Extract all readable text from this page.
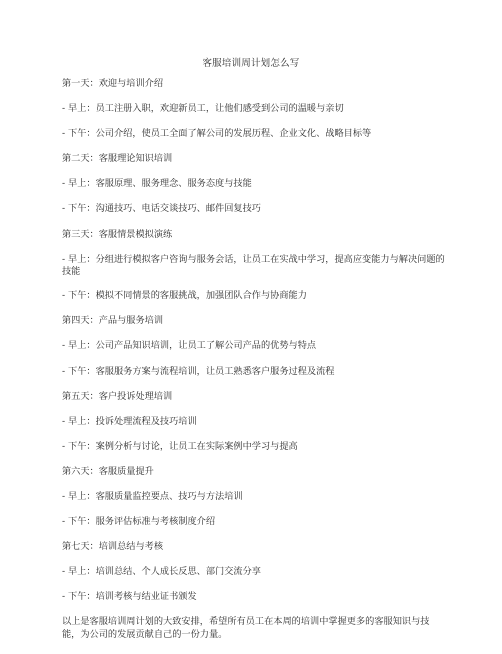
客服培训周计划怎么写
第一天：欢迎与培训介绍
- 早上：员工注册入职，欢迎新员工，让他们感受到公司的温暖与亲切
- 下午：公司介绍，使员工全面了解公司的发展历程、企业文化、战略目标等
第二天：客服理论知识培训
- 早上：客服原理、服务理念、服务态度与技能
- 下午：沟通技巧、电话交谈技巧、邮件回复技巧
第三天：客服情景模拟演练
- 早上：分组进行模拟客户咨询与服务会话，让员工在实战中学习，提高应变能力与解决问题的技能
- 下午：模拟不同情景的客服挑战，加强团队合作与协商能力
第四天：产品与服务培训
- 早上：公司产品知识培训，让员工了解公司产品的优势与特点
- 下午：客服服务方案与流程培训，让员工熟悉客户服务过程及流程
第五天：客户投诉处理培训
- 早上：投诉处理流程及技巧培训
- 下午：案例分析与讨论，让员工在实际案例中学习与提高
第六天：客服质量提升
- 早上：客服质量监控要点、技巧与方法培训
- 下午：服务评估标准与考核制度介绍
第七天：培训总结与考核
- 早上：培训总结、个人成长反思、部门交流分享
- 下午：培训考核与结业证书颁发
以上是客服培训周计划的大致安排，希望所有员工在本周的培训中掌握更多的客服知识与技能，为公司的发展贡献自己的一份力量。
